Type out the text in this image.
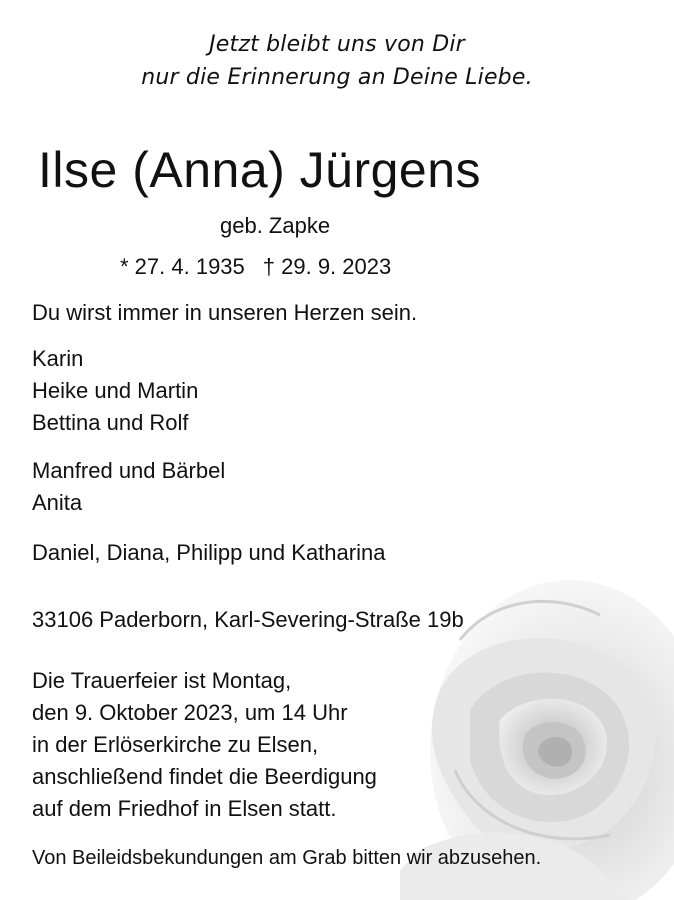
Jetzt bleibt uns von Dir
nur die Erinnerung an Deine Liebe.
Ilse (Anna) Jürgens
geb. Zapke
* 27. 4. 1935 † 29. 9. 2023
Du wirst immer in unseren Herzen sein.
Karin
Heike und Martin
Bettina und Rolf
Manfred und Bärbel
Anita
Daniel, Diana, Philipp und Katharina
33106 Paderborn, Karl-Severing-Straße 19b
Die Trauerfeier ist Montag,
den 9. Oktober 2023, um 14 Uhr
in der Erlöserkirche zu Elsen,
anschließend findet die Beerdigung
auf dem Friedhof in Elsen statt.
Von Beileidsbekundungen am Grab bitten wir abzusehen.
